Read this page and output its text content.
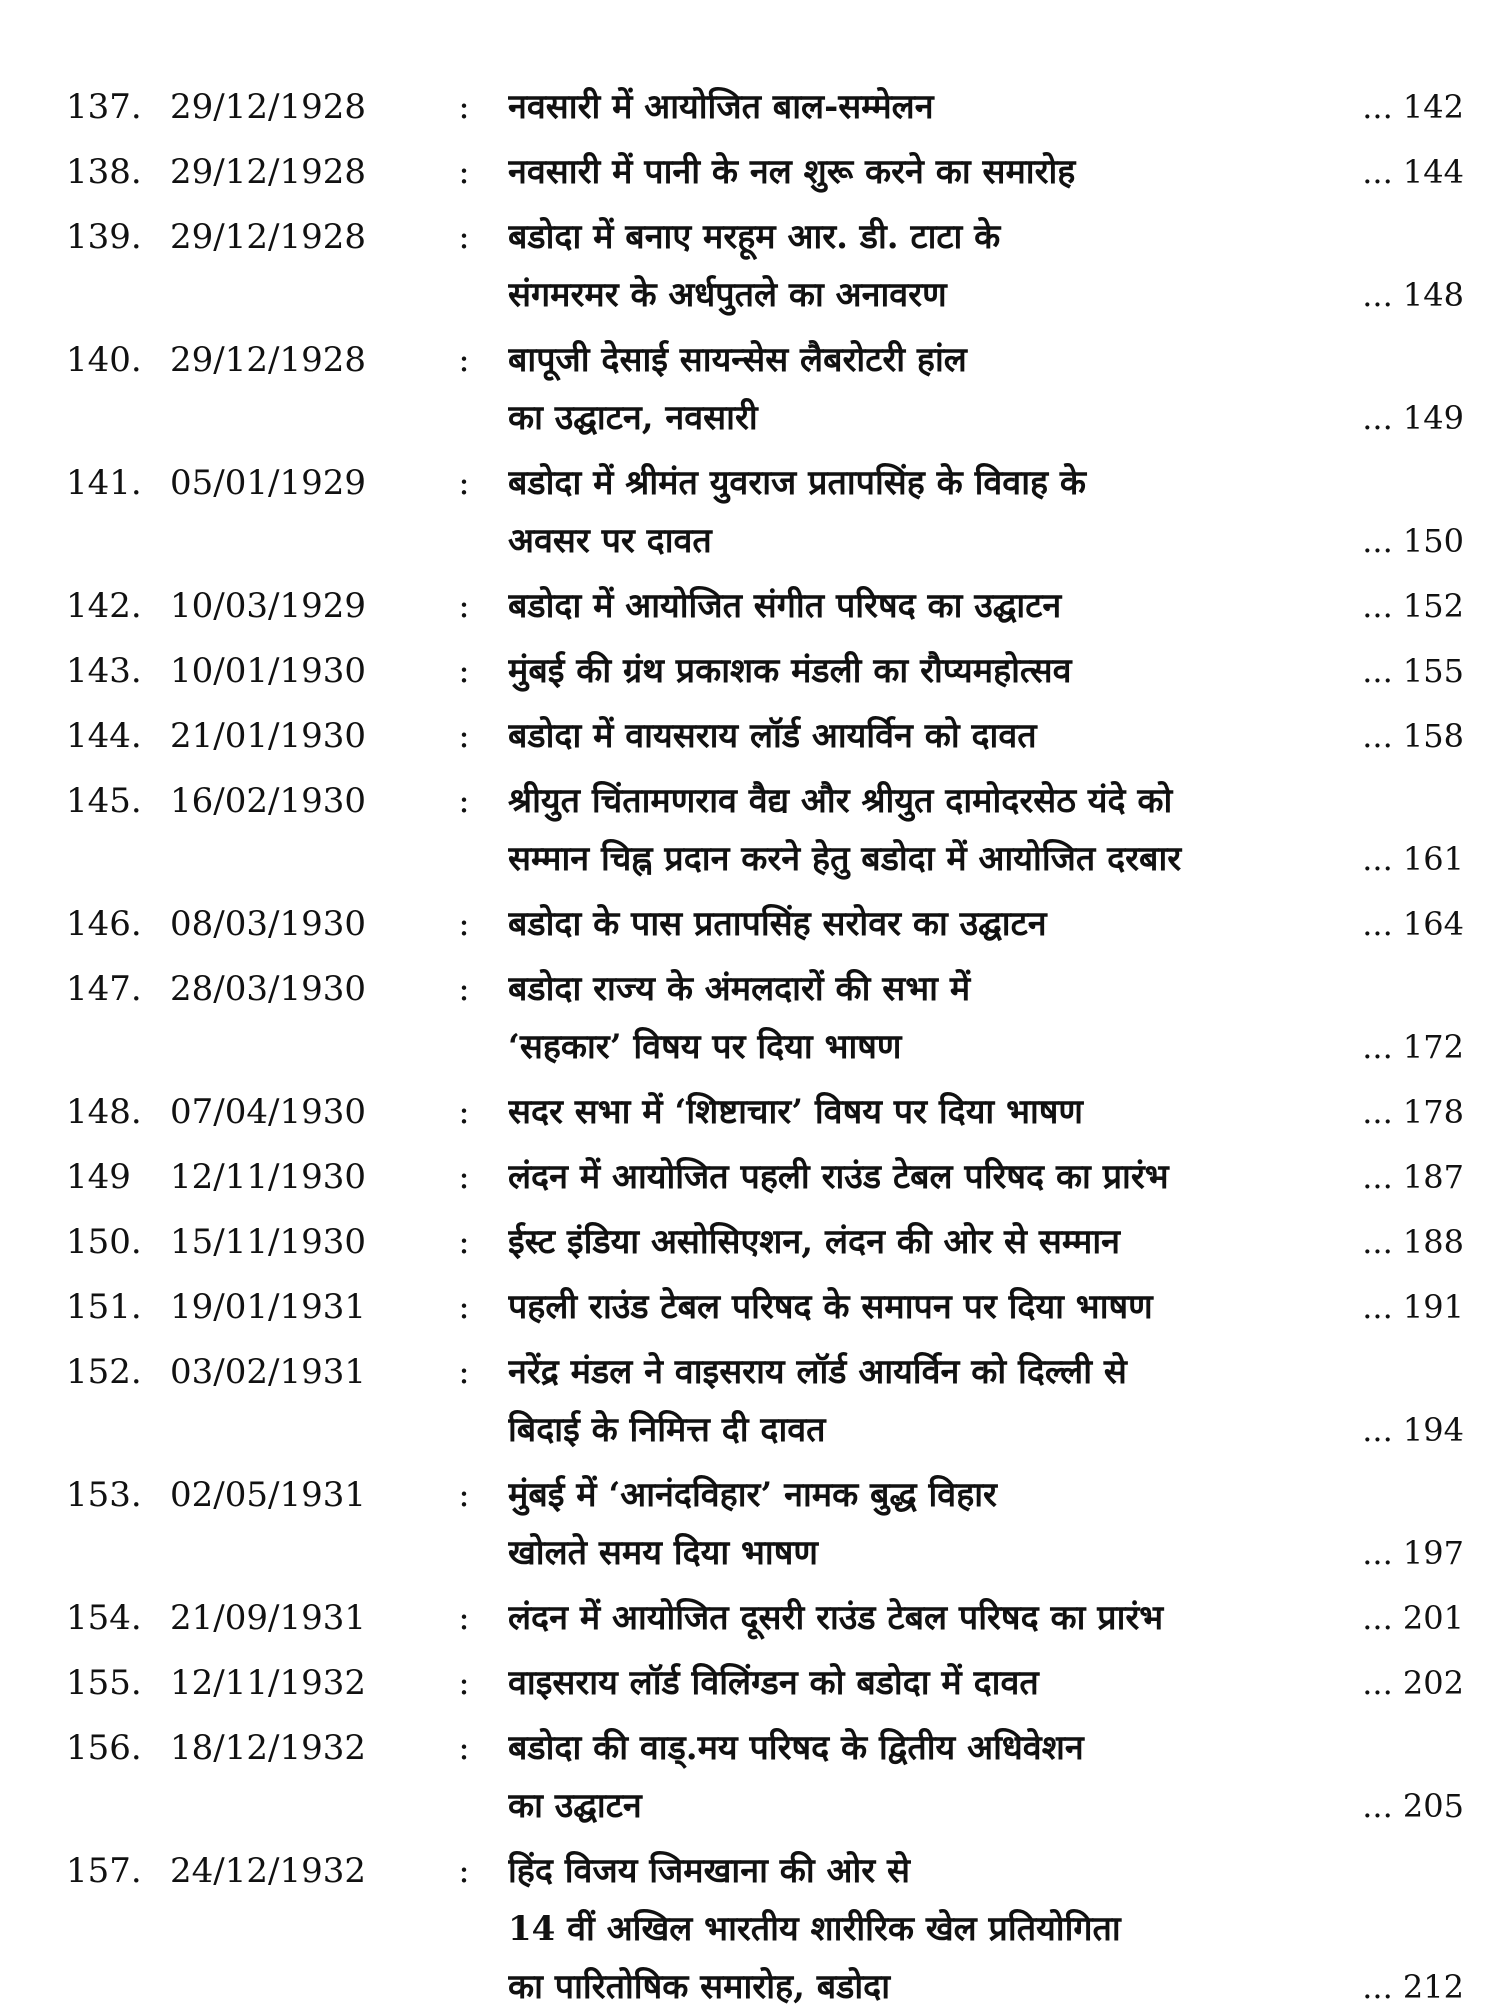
137. 29/12/1928	:	नवसारी में आयोजित बाल-सम्मेलन	... 142
138. 29/12/1928	:	नवसारी में पानी के नल शुरू करने का समारोह	... 144
139. 29/12/1928	:	बडोदा में बनाए मरहूम आर. डी. टाटा के
संगमरमर के अर्धपुतले का अनावरण	... 148
140. 29/12/1928	:	बापूजी देसाई सायन्सेस लैबरोटरी हांल
का उद्घाटन, नवसारी	... 149
141. 05/01/1929	:	बडोदा में श्रीमंत युवराज प्रतापसिंह के विवाह के
अवसर पर दावत	... 150
142. 10/03/1929	:	बडोदा में आयोजित संगीत परिषद का उद्घाटन	... 152
143. 10/01/1930	:	मुंबई की ग्रंथ प्रकाशक मंडली का रौप्यमहोत्सव	... 155
144. 21/01/1930	:	बडोदा में वायसराय लॉर्ड आयर्विन को दावत	... 158
145. 16/02/1930	:	श्रीयुत चिंतामणराव वैद्य और श्रीयुत दामोदरसेठ यंदे को
सम्मान चिह्न प्रदान करने हेतु बडोदा में आयोजित दरबार	... 161
146. 08/03/1930	:	बडोदा के पास प्रतापसिंह सरोवर का उद्घाटन	... 164
147. 28/03/1930	:	बडोदा राज्य के अंमलदारों की सभा में
‘सहकार’ विषय पर दिया भाषण	... 172
148. 07/04/1930	:	सदर सभा में ‘शिष्टाचार’ विषय पर दिया भाषण	... 178
149	12/11/1930	:	लंदन में आयोजित पहली राउंड टेबल परिषद का प्रारंभ	... 187
150. 15/11/1930	:	ईस्ट इंडिया असोसिएशन, लंदन की ओर से सम्मान	... 188
151. 19/01/1931	:	पहली राउंड टेबल परिषद के समापन पर दिया भाषण	... 191
152. 03/02/1931	:	नरेंद्र मंडल ने वाइसराय लॉर्ड आयर्विन को दिल्ली से
बिदाई के निमित्त दी दावत	... 194
153. 02/05/1931	:	मुंबई में ‘आनंदविहार’ नामक बुद्ध विहार
खोलते समय दिया भाषण	... 197
154. 21/09/1931	:	लंदन में आयोजित दूसरी राउंड टेबल परिषद का प्रारंभ	... 201
155. 12/11/1932	:	वाइसराय लॉर्ड विलिंग्डन को बडोदा में दावत	... 202
156. 18/12/1932	:	बडोदा की वाड्.मय परिषद के द्वितीय अधिवेशन
का उद्घाटन	... 205
157. 24/12/1932	:	हिंद विजय जिमखाना की ओर से
14 वीं अखिल भारतीय शारीरिक खेल प्रतियोगिता
का पारितोषिक समारोह, बडोदा	... 212
